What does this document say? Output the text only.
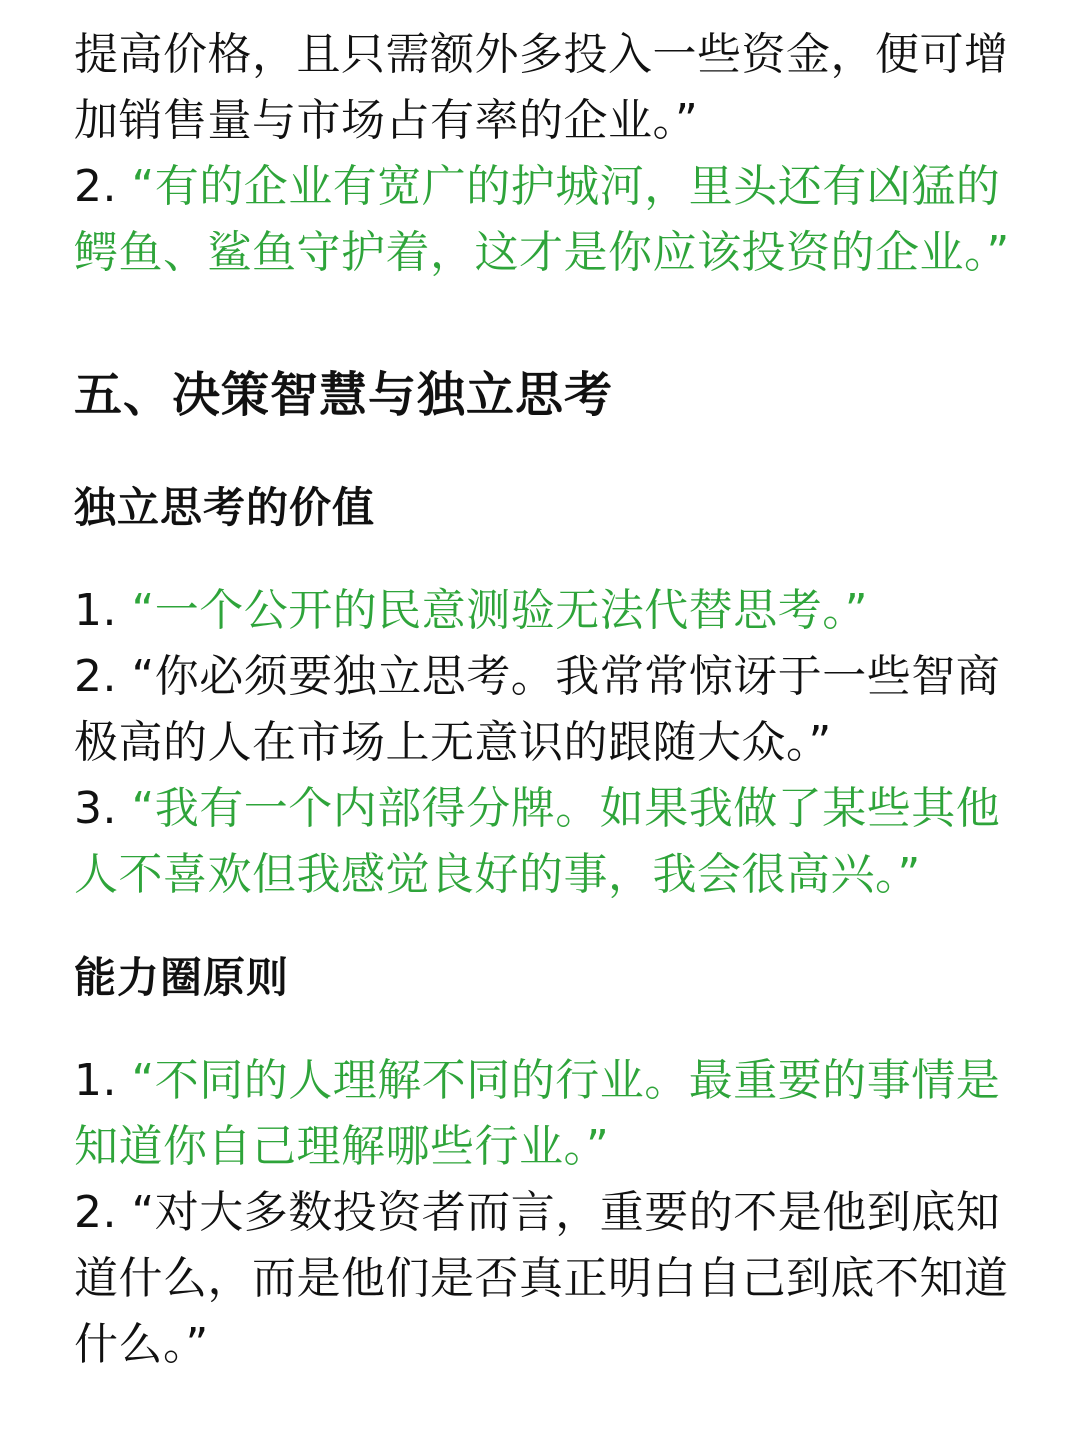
提高价格，且只需额外多投入一些资金，便可增加销售量与市场占有率的企业。”

2. “有的企业有宽广的护城河，里头还有凶猛的鳄鱼、鲨鱼守护着，这才是你应该投资的企业。”

五、决策智慧与独立思考
独立思考的价值

1. “一个公开的民意测验无法代替思考。”

2. “你必须要独立思考。我常常惊讶于一些智商极高的人在市场上无意识的跟随大众。”

3. “我有一个内部得分牌。如果我做了某些其他人不喜欢但我感觉良好的事，我会很高兴。”

能力圈原则

1. “不同的人理解不同的行业。最重要的事情是知道你自己理解哪些行业。”

2. “对大多数投资者而言，重要的不是他到底知道什么，而是他们是否真正明白自己到底不知道什么。”
